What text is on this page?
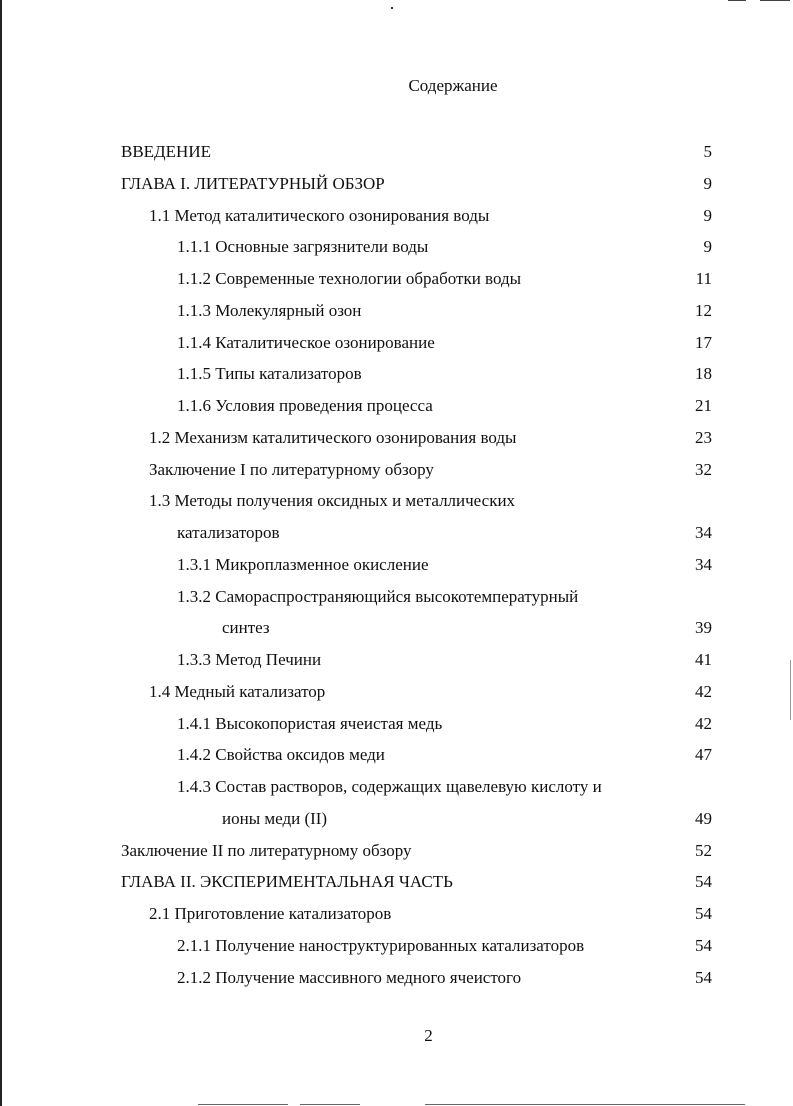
Содержание
ВВЕДЕНИЕ	5
ГЛАВА I. ЛИТЕРАТУРНЫЙ ОБЗОР	9
1.1 Метод каталитического озонирования воды	9
1.1.1 Основные загрязнители воды	9
1.1.2 Современные технологии обработки воды	11
1.1.3 Молекулярный озон	12
1.1.4 Каталитическое озонирование	17
1.1.5 Типы катализаторов	18
1.1.6 Условия проведения процесса	21
1.2 Механизм каталитического озонирования воды	23
Заключение I по литературному обзору	32
1.3 Методы получения оксидных и металлических
катализаторов	34
1.3.1 Микроплазменное окисление	34
1.3.2 Самораспространяющийся высокотемпературный
синтез	39
1.3.3 Метод Печини	41
1.4 Медный катализатор	42
1.4.1 Высокопористая ячеистая медь	42
1.4.2 Свойства оксидов меди	47
1.4.3 Состав растворов, содержащих щавелевую кислоту и
ионы меди (II)	49
Заключение II по литературному обзору	52
ГЛАВА II. ЭКСПЕРИМЕНТАЛЬНАЯ ЧАСТЬ	54
2.1 Приготовление катализаторов	54
2.1.1 Получение наноструктурированных катализаторов	54
2.1.2 Получение массивного медного ячеистого	54
2
